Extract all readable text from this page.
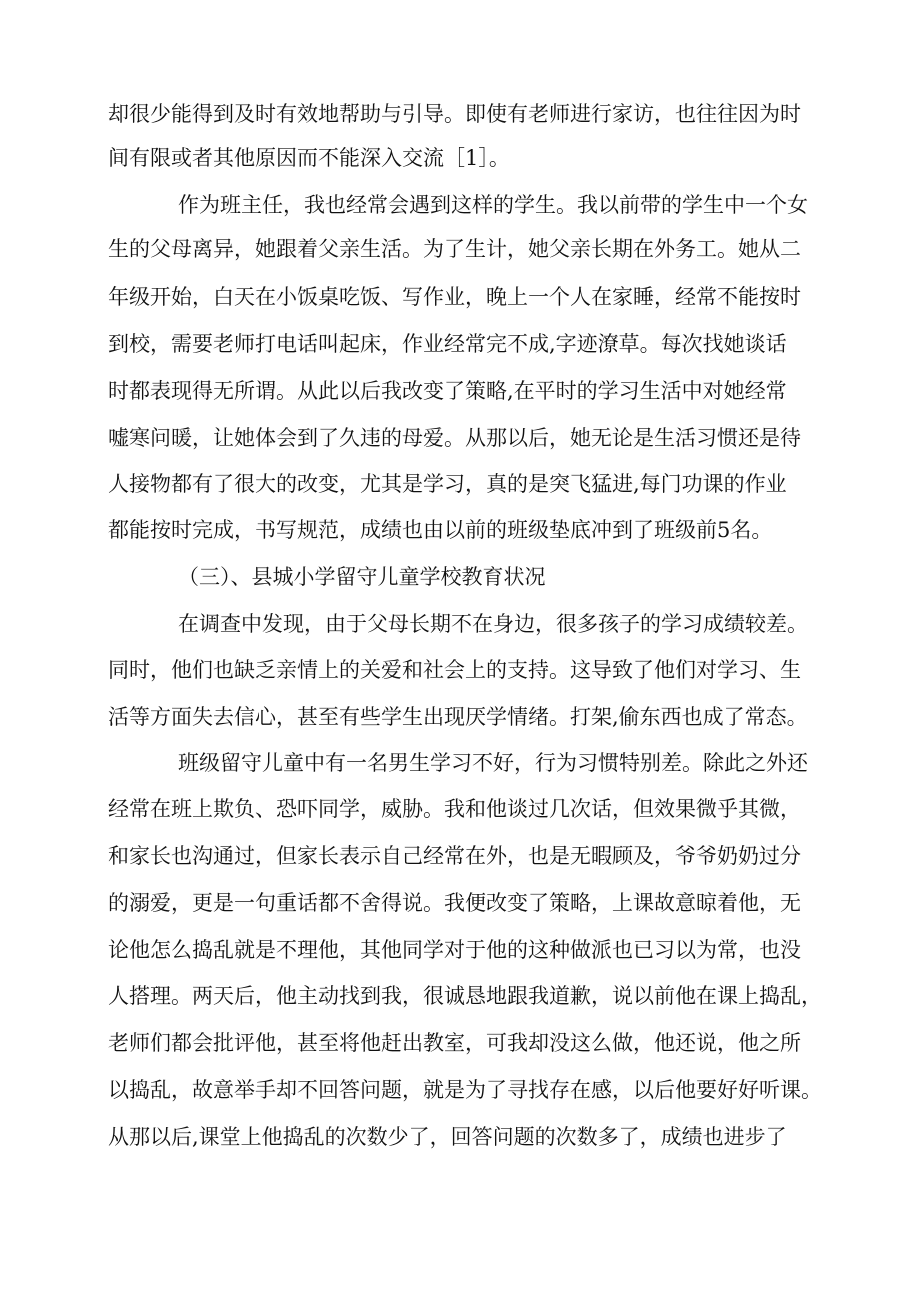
却很少能得到及时有效地帮助与引导。即使有老师进行家访，也往往因为时
间有限或者其他原因而不能深入交流［1］。
作为班主任，我也经常会遇到这样的学生。我以前带的学生中一个女
生的父母离异，她跟着父亲生活。为了生计，她父亲长期在外务工。她从二
年级开始，白天在小饭桌吃饭、写作业，晚上一个人在家睡，经常不能按时
到校，需要老师打电话叫起床，作业经常完不成,字迹潦草。每次找她谈话
时都表现得无所谓。从此以后我改变了策略,在平时的学习生活中对她经常
嘘寒问暖，让她体会到了久违的母爱。从那以后，她无论是生活习惯还是待
人接物都有了很大的改变，尤其是学习，真的是突飞猛进,每门功课的作业
都能按时完成，书写规范，成绩也由以前的班级垫底冲到了班级前5名。
（三）、县城小学留守儿童学校教育状况
在调查中发现，由于父母长期不在身边，很多孩子的学习成绩较差。
同时，他们也缺乏亲情上的关爱和社会上的支持。这导致了他们对学习、生
活等方面失去信心，甚至有些学生出现厌学情绪。打架,偷东西也成了常态。
班级留守儿童中有一名男生学习不好，行为习惯特别差。除此之外还
经常在班上欺负、恐吓同学，威胁。我和他谈过几次话，但效果微乎其微，
和家长也沟通过，但家长表示自己经常在外，也是无暇顾及，爷爷奶奶过分
的溺爱，更是一句重话都不舍得说。我便改变了策略，上课故意晾着他，无
论他怎么捣乱就是不理他，其他同学对于他的这种做派也已习以为常，也没
人搭理。两天后，他主动找到我，很诚恳地跟我道歉，说以前他在课上捣乱，
老师们都会批评他，甚至将他赶出教室，可我却没这么做，他还说，他之所
以捣乱，故意举手却不回答问题，就是为了寻找存在感，以后他要好好听课。
从那以后,课堂上他捣乱的次数少了，回答问题的次数多了，成绩也进步了
